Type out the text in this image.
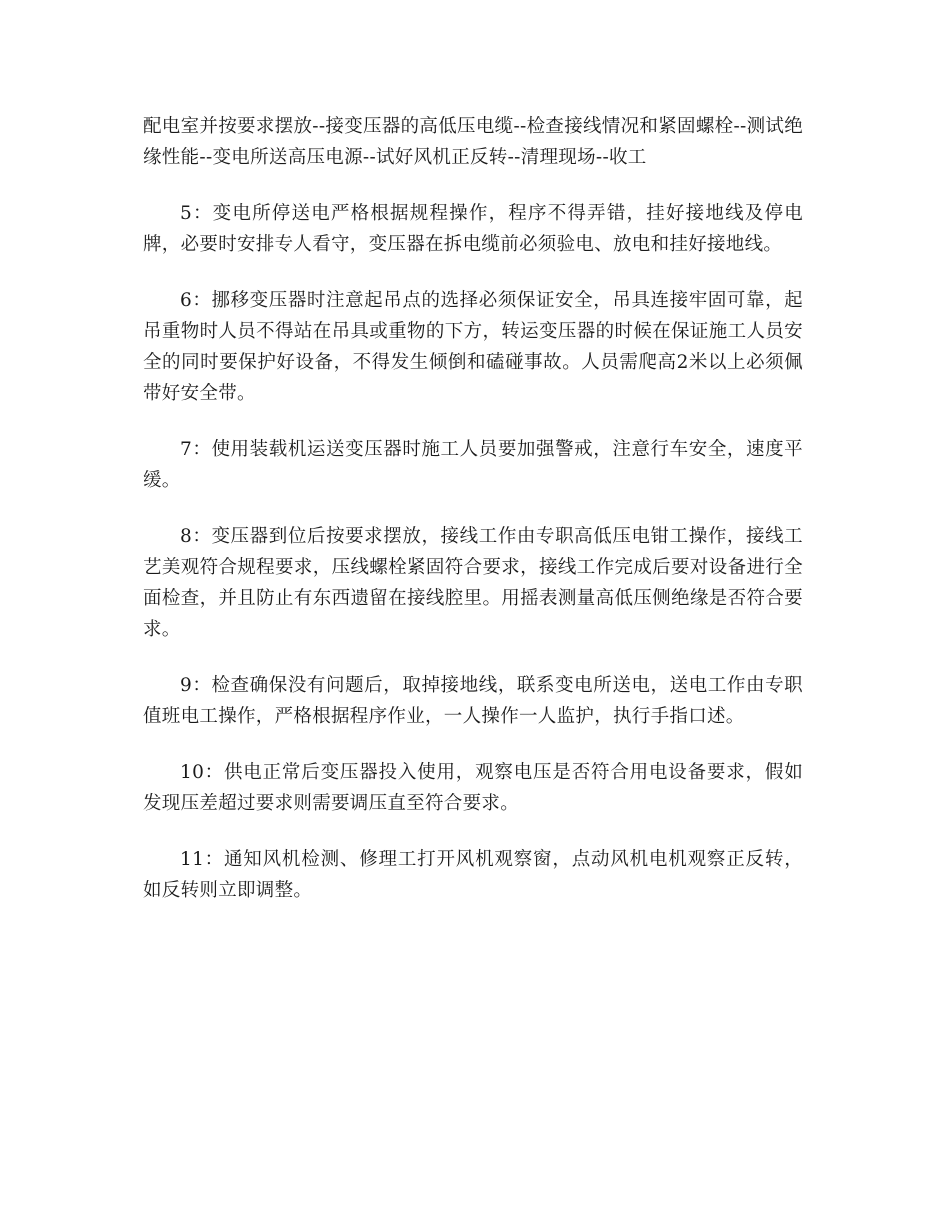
配电室并按要求摆放--接变压器的高低压电缆--检查接线情况和紧固螺栓--测试绝缘性能--变电所送高压电源--试好风机正反转--清理现场--收工

5：变电所停送电严格根据规程操作，程序不得弄错，挂好接地线及停电牌，必要时安排专人看守，变压器在拆电缆前必须验电、放电和挂好接地线。

6：挪移变压器时注意起吊点的选择必须保证安全，吊具连接牢固可靠，起吊重物时人员不得站在吊具或重物的下方，转运变压器的时候在保证施工人员安全的同时要保护好设备，不得发生倾倒和磕碰事故。人员需爬高2米以上必须佩带好安全带。

7：使用装载机运送变压器时施工人员要加强警戒，注意行车安全，速度平缓。

8：变压器到位后按要求摆放，接线工作由专职高低压电钳工操作，接线工艺美观符合规程要求，压线螺栓紧固符合要求，接线工作完成后要对设备进行全面检查，并且防止有东西遗留在接线腔里。用摇表测量高低压侧绝缘是否符合要求。

9：检查确保没有问题后，取掉接地线，联系变电所送电，送电工作由专职值班电工操作，严格根据程序作业，一人操作一人监护，执行手指口述。

10：供电正常后变压器投入使用，观察电压是否符合用电设备要求，假如发现压差超过要求则需要调压直至符合要求。

11：通知风机检测、修理工打开风机观察窗，点动风机电机观察正反转，如反转则立即调整。
